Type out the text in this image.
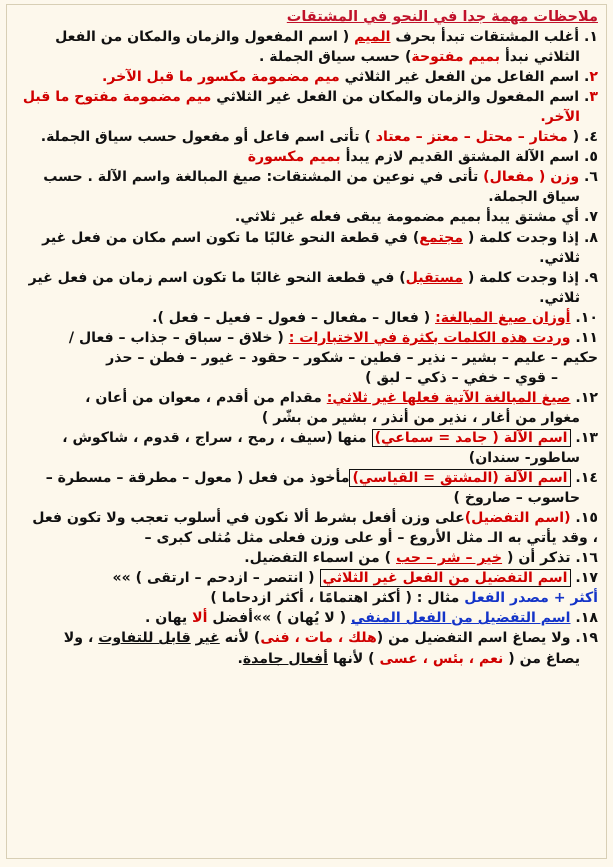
ملاحظات مهمة جدا في النحو في المشتقات
١. أغلب المشتقات تبدأ بحرف الميم ( اسم المفعول والزمان والمكان من الفعل
الثلاثي نبدأ بميم مفتوحة) حسب سياق الجملة .
٢. اسم الفاعل من الفعل غير الثلاثي ميم مضمومة مكسور ما قبل الآخر.
٣. اسم المفعول والزمان والمكان من الفعل غير الثلاثي ميم مضمومة مفتوح ما قبل
الآخر.
٤. ( مختار – محتل – معتز – معتاد ) تأتى اسم فاعل أو مفعول حسب سياق الجملة.
٥. اسم الآلة المشتق القديم لازم يبدأ بميم مكسورة
٦. وزن ( مفعال) تأتى في نوعين من المشتقات: صيغ المبالغة واسم الآلة . حسب
سياق الجملة.
٧. أي مشتق يبدأ بميم مضمومة يبقى فعله غير ثلاثي.
٨. إذا وجدت كلمة ( مجتمع) في قطعة النحو غالبًا ما تكون اسم مكان من فعل غير
ثلاثي.
٩. إذا وجدت كلمة ( مستقبل) في قطعة النحو غالبًا ما تكون اسم زمان من فعل غير
ثلاثي.
١٠. أوزان صيغ المبالغة: ( فعال – مفعال – فعول – فعيل – فعل ).
١١. وردت هذه الكلمات بكثرة في الاختبارات : ( خلاق – سباق – جذاب – فعال /
حكيم – عليم – بشير – نذير – فطين – شكور – حقود – غيور – فطن – حذر
– قوي – خفي – ذكي – لبق )
١٢. صيغ المبالغة الآتية فعلها غير ثلاثي: مقدام من أقدم ، معوان من أعان ،
مغوار من أغار ، نذير من أنذر ، بشير من بشّر )
١٣. اسم الآلة ( جامد = سماعي) منها (سيف ، رمح ، سراج ، قدوم ، شاكوش ،
ساطور- سندان)
١٤. اسم الآلة (المشتق = القياسي)مأخوذ من فعل ( معول – مطرقة – مسطرة –
حاسوب – صاروخ )
١٥. (اسم التفضيل)على وزن أفعل بشرط ألا نكون في أسلوب تعجب ولا تكون فعل
، وقد يأتي به الـ مثل الأروع – أو على وزن فعلى مثل مُثلى كبرى –
١٦. تذكر أن ( خير – شر – حب ) من اسماء التفضيل.
١٧. اسم التفضيل من الفعل غير الثلاثي ( انتصر – ازدحم – ارتقى ) »»
أكثر + مصدر الفعل مثال : ( أكثر اهتمامًا ، أكثر ازدحاما )
١٨. اسم التفضيل من الفعل المنفي ( لا يُهان ) »»أفضل ألا يهان .
١٩. ولا يصاغ اسم التفضيل من (هلك ، مات ، فنى) لأنه غير قابل للتفاوت ، ولا
يصاغ من ( نعم ، بئس ، عسى ) لأنها أفعال جامدة.
